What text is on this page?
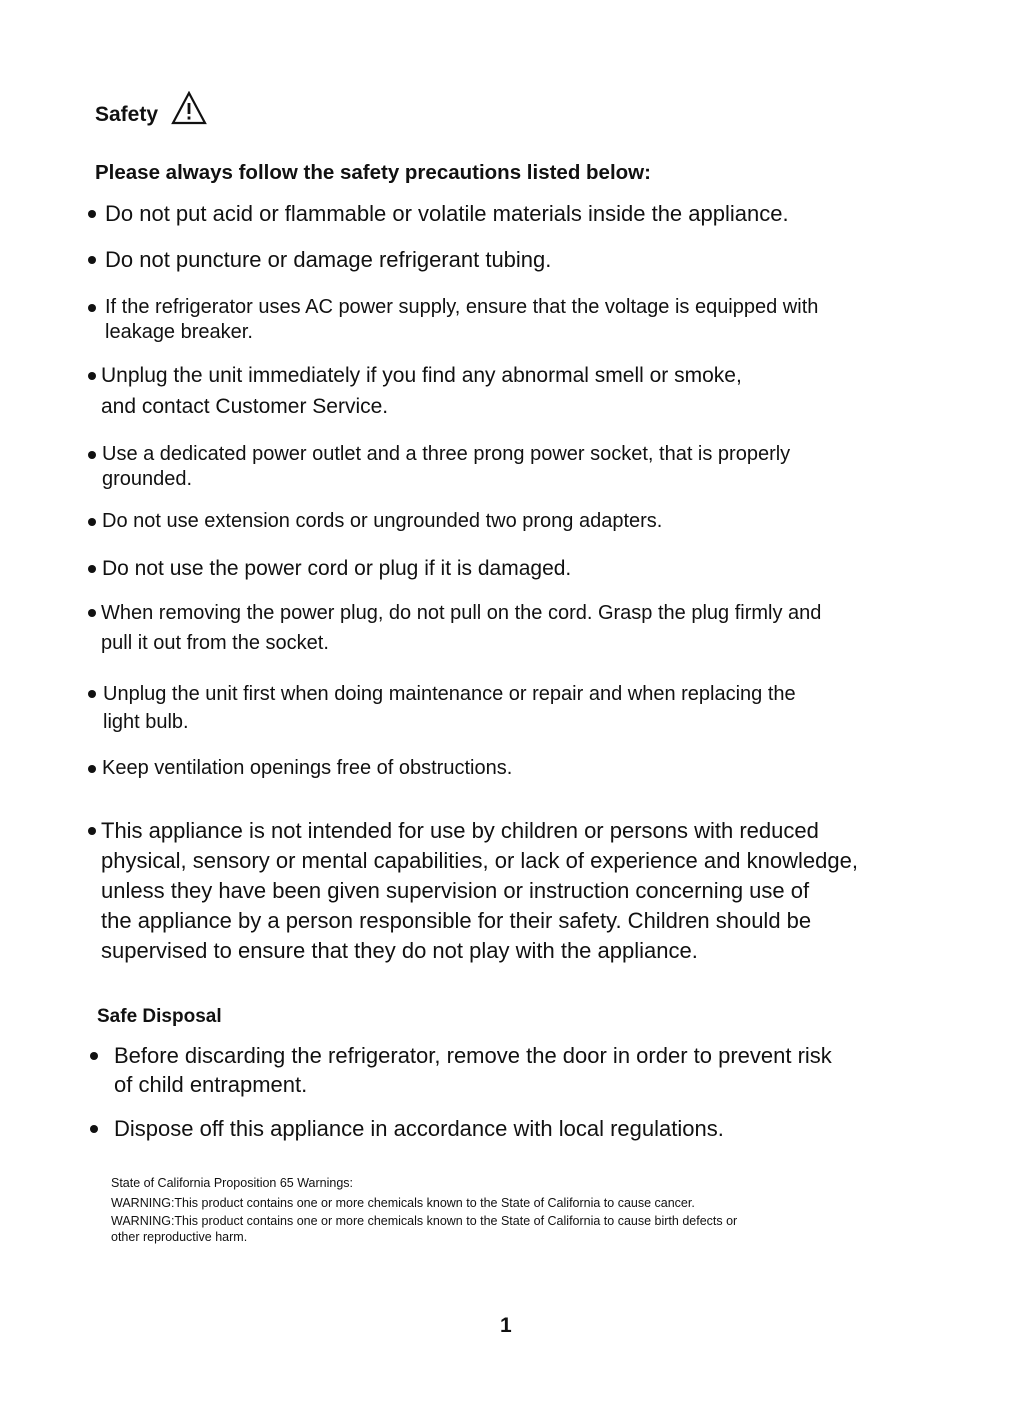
Safety
Please always follow the safety precautions listed below:
Do not put acid or flammable or volatile materials inside the appliance.
Do not puncture or damage refrigerant tubing.
If the refrigerator uses AC power supply, ensure that the voltage is equipped with
leakage breaker.
Unplug the unit immediately if you find any abnormal smell or smoke,
and contact Customer Service.
Use a dedicated power outlet and a three prong power socket, that is properly
grounded.
Do not use extension cords or ungrounded two prong adapters.
Do not use the power cord or plug if it is damaged.
When removing the power plug, do not pull on the cord. Grasp the plug firmly and
pull it out from the socket.
Unplug the unit first when doing maintenance or repair and when replacing the
light bulb.
Keep ventilation openings free of obstructions.
This appliance is not intended for use by children or persons with reduced
physical, sensory or mental capabilities, or lack of experience and knowledge,
unless they have been given supervision or instruction concerning use of
the appliance by a person responsible for their safety. Children should be
supervised to ensure that they do not play with the appliance.
Safe Disposal
Before discarding the refrigerator, remove the door in order to prevent risk
of child entrapment.
Dispose off this appliance in accordance with local regulations.
State of California Proposition 65 Warnings:
WARNING:This product contains one or more chemicals known to the State of California to cause cancer.
WARNING:This product contains one or more chemicals known to the State of California to cause birth defects or
other reproductive harm.
1
